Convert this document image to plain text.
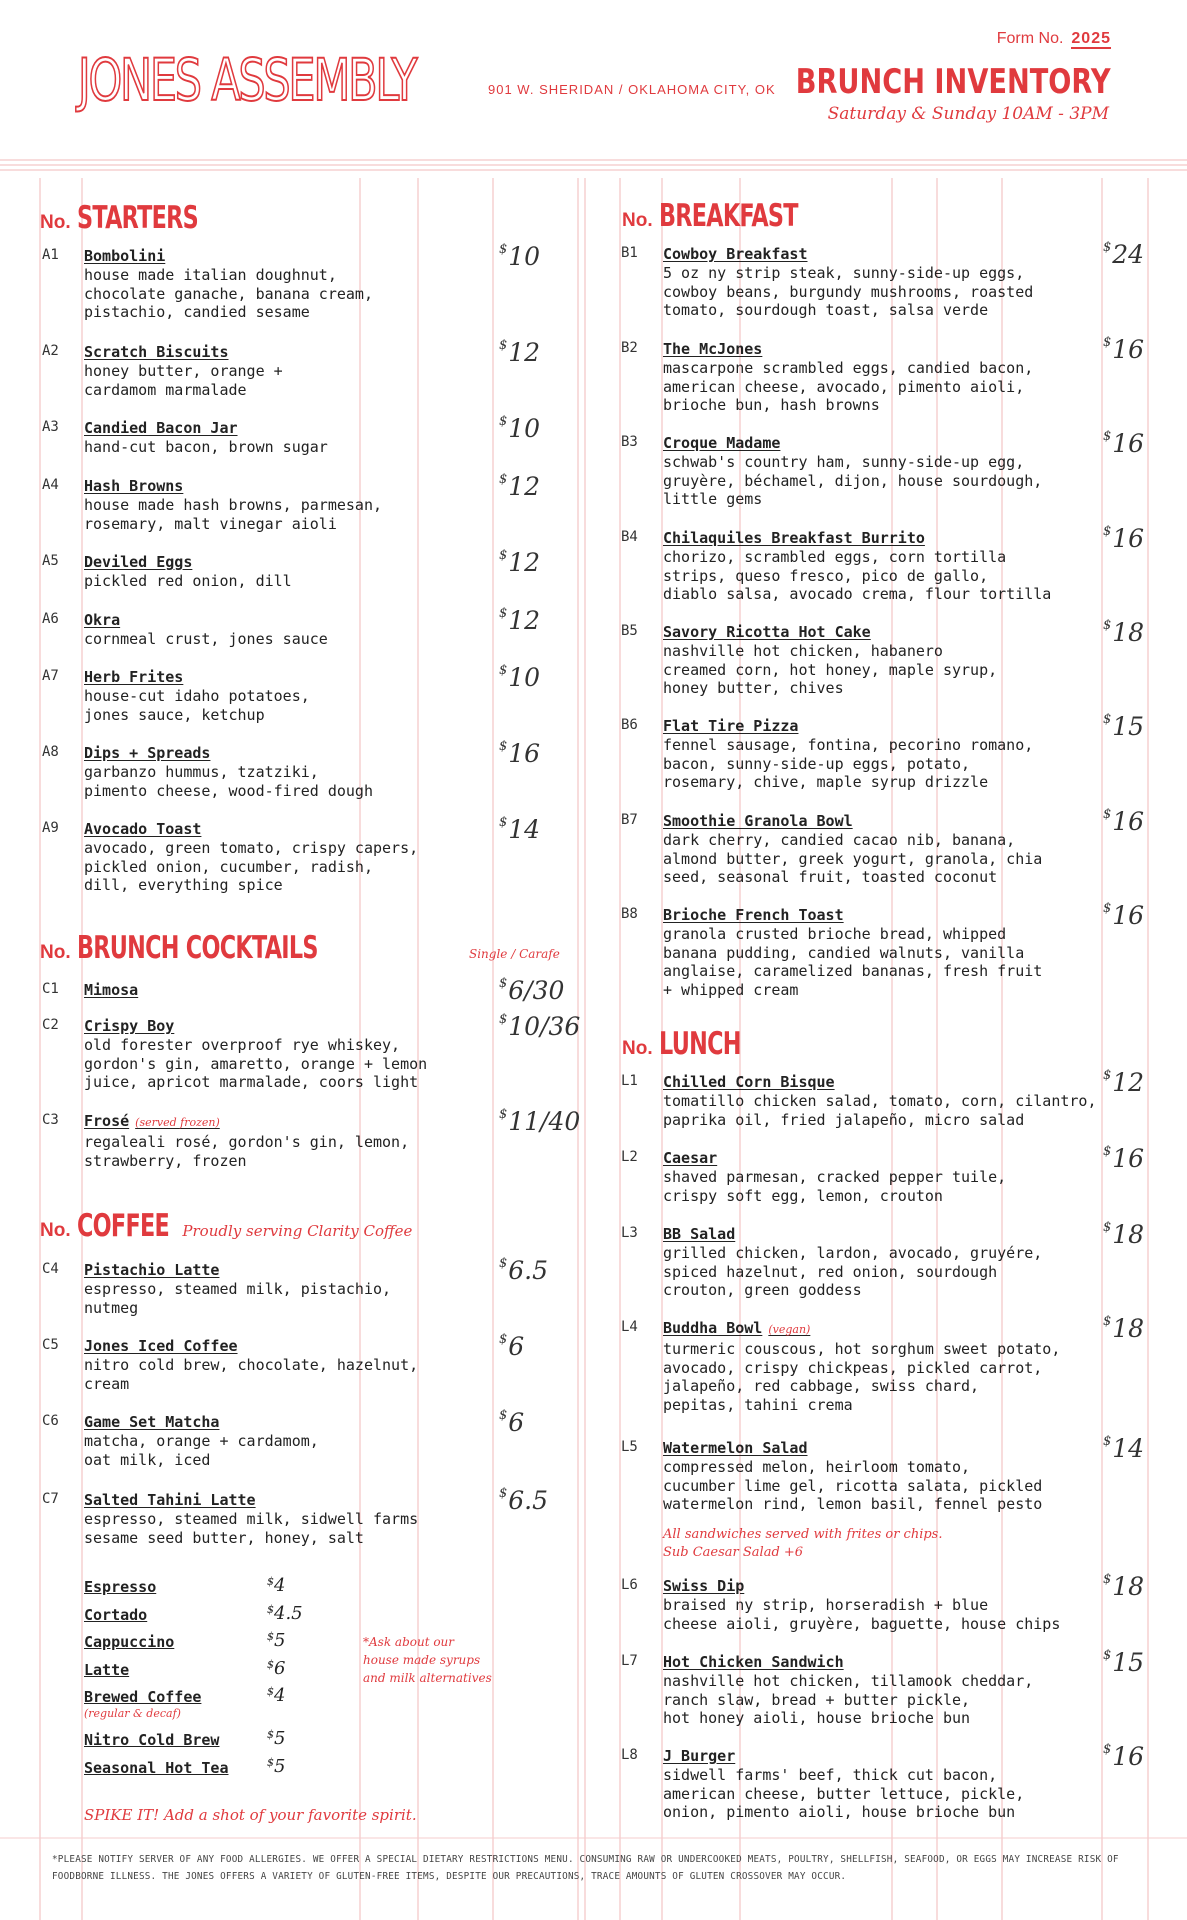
JONES ASSEMBLY	901 W. SHERIDAN / OKLAHOMA CITY, OK
Form No. 2025
BRUNCH INVENTORY
Saturday & Sunday 10AM - 3PM
No. STARTERS
A1 Bombolini
house made italian doughnut,
chocolate ganache, banana cream,
pistachio, candied sesame
$10
A2 Scratch Biscuits
honey butter, orange +
cardamom marmalade
$12
A3 Candied Bacon Jar
hand-cut bacon, brown sugar
$10
A4 Hash Browns
house made hash browns, parmesan,
rosemary, malt vinegar aioli
$12
A5 Deviled Eggs
pickled red onion, dill
$12
A6 Okra
cornmeal crust, jones sauce
$12
A7 Herb Frites
house-cut idaho potatoes,
jones sauce, ketchup
$10
A8 Dips + Spreads
garbanzo hummus, tzatziki,
pimento cheese, wood-fired dough
$16
A9 Avocado Toast
avocado, green tomato, crispy capers,
pickled onion, cucumber, radish,
dill, everything spice
$14
No. BRUNCH COCKTAILS	Single / Carafe
C1 Mimosa	$6/30
C2 Crispy Boy
old forester overproof rye whiskey,
gordon's gin, amaretto, orange + lemon
juice, apricot marmalade, coors light
$10/36
C3 Frosé (served frozen)
regaleali rosé, gordon's gin, lemon,
strawberry, frozen
$11/40
No. COFFEE Proudly serving Clarity Coffee
C4 Pistachio Latte
espresso, steamed milk, pistachio,
nutmeg
$6.5
C5 Jones Iced Coffee
nitro cold brew, chocolate, hazelnut,
cream
$6
C6 Game Set Matcha
matcha, orange + cardamom,
oat milk, iced
$6
C7 Salted Tahini Latte
espresso, steamed milk, sidwell farms
sesame seed butter, honey, salt
$6.5
Espresso	$4
Cortado	$4.5
Cappuccino	$5
Latte	$6
Brewed Coffee	$4
(regular & decaf)
Nitro Cold Brew	$5
Seasonal Hot Tea	$5
*Ask about our
house made syrups
and milk alternatives
SPIKE IT! Add a shot of your favorite spirit.
No. BREAKFAST
B1 Cowboy Breakfast
5 oz ny strip steak, sunny-side-up eggs,
cowboy beans, burgundy mushrooms, roasted
tomato, sourdough toast, salsa verde
$24
B2 The McJones
mascarpone scrambled eggs, candied bacon,
american cheese, avocado, pimento aioli,
brioche bun, hash browns
$16
B3 Croque Madame
schwab's country ham, sunny-side-up egg,
gruyère, béchamel, dijon, house sourdough,
little gems
$16
B4 Chilaquiles Breakfast Burrito
chorizo, scrambled eggs, corn tortilla
strips, queso fresco, pico de gallo,
diablo salsa, avocado crema, flour tortilla
$16
B5 Savory Ricotta Hot Cake
nashville hot chicken, habanero
creamed corn, hot honey, maple syrup,
honey butter, chives
$18
B6 Flat Tire Pizza
fennel sausage, fontina, pecorino romano,
bacon, sunny-side-up eggs, potato,
rosemary, chive, maple syrup drizzle
$15
B7 Smoothie Granola Bowl
dark cherry, candied cacao nib, banana,
almond butter, greek yogurt, granola, chia
seed, seasonal fruit, toasted coconut
$16
B8 Brioche French Toast
granola crusted brioche bread, whipped
banana pudding, candied walnuts, vanilla
anglaise, caramelized bananas, fresh fruit
+ whipped cream
$16
No. LUNCH
L1 Chilled Corn Bisque
tomatillo chicken salad, tomato, corn, cilantro,
paprika oil, fried jalapeño, micro salad
$12
L2 Caesar
shaved parmesan, cracked pepper tuile,
crispy soft egg, lemon, crouton
$16
L3 BB Salad
grilled chicken, lardon, avocado, gruyére,
spiced hazelnut, red onion, sourdough
crouton, green goddess
$18
L4 Buddha Bowl (vegan)
turmeric couscous, hot sorghum sweet potato,
avocado, crispy chickpeas, pickled carrot,
jalapeño, red cabbage, swiss chard,
pepitas, tahini crema
$18
L5 Watermelon Salad
compressed melon, heirloom tomato,
cucumber lime gel, ricotta salata, pickled
watermelon rind, lemon basil, fennel pesto
$14
All sandwiches served with frites or chips.
Sub Caesar Salad +6
L6 Swiss Dip
braised ny strip, horseradish + blue
cheese aioli, gruyère, baguette, house chips
$18
L7 Hot Chicken Sandwich
nashville hot chicken, tillamook cheddar,
ranch slaw, bread + butter pickle,
hot honey aioli, house brioche bun
$15
L8 J Burger
sidwell farms' beef, thick cut bacon,
american cheese, butter lettuce, pickle,
onion, pimento aioli, house brioche bun
$16
*PLEASE NOTIFY SERVER OF ANY FOOD ALLERGIES. WE OFFER A SPECIAL DIETARY RESTRICTIONS MENU. CONSUMING RAW OR UNDERCOOKED MEATS, POULTRY, SHELLFISH, SEAFOOD, OR EGGS MAY INCREASE RISK OF FOODBORNE ILLNESS. THE JONES OFFERS A VARIETY OF GLUTEN-FREE ITEMS, DESPITE OUR PRECAUTIONS, TRACE AMOUNTS OF GLUTEN CROSSOVER MAY OCCUR.
